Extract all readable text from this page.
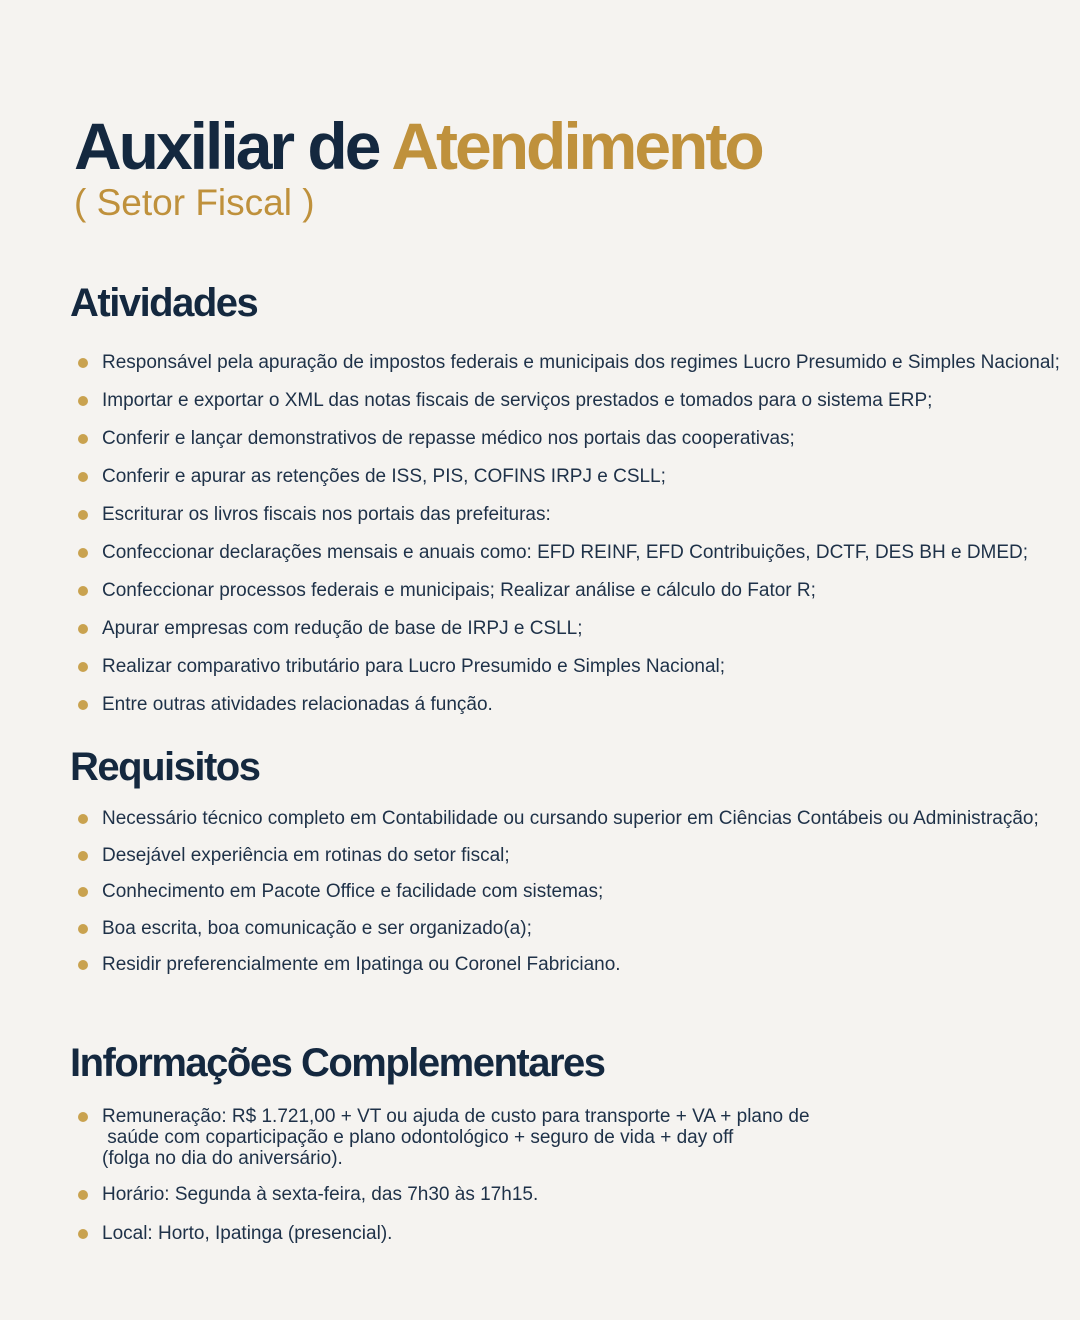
Auxiliar de Atendimento
( Setor Fiscal )
Atividades
Responsável pela apuração de impostos federais e municipais dos regimes Lucro Presumido e Simples Nacional;
Importar e exportar o XML das notas fiscais de serviços prestados e tomados para o sistema ERP;
Conferir e lançar demonstrativos de repasse médico nos portais das cooperativas;
Conferir e apurar as retenções de ISS, PIS, COFINS IRPJ e CSLL;
Escriturar os livros fiscais nos portais das prefeituras:
Confeccionar declarações mensais e anuais como: EFD REINF, EFD Contribuições, DCTF, DES BH e DMED;
Confeccionar processos federais e municipais; Realizar análise e cálculo do Fator R;
Apurar empresas com redução de base de IRPJ e CSLL;
Realizar comparativo tributário para Lucro Presumido e Simples Nacional;
Entre outras atividades relacionadas á função.
Requisitos
Necessário técnico completo em Contabilidade ou cursando superior em Ciências Contábeis ou Administração;
Desejável experiência em rotinas do setor fiscal;
Conhecimento em Pacote Office e facilidade com sistemas;
Boa escrita, boa comunicação e ser organizado(a);
Residir preferencialmente em Ipatinga ou Coronel Fabriciano.
Informações Complementares
Remuneração: R$ 1.721,00 + VT ou ajuda de custo para transporte + VA + plano de
saúde com coparticipação e plano odontológico + seguro de vida + day off
(folga no dia do aniversário).
Horário: Segunda à sexta-feira, das 7h30 às 17h15.
Local: Horto, Ipatinga (presencial).
